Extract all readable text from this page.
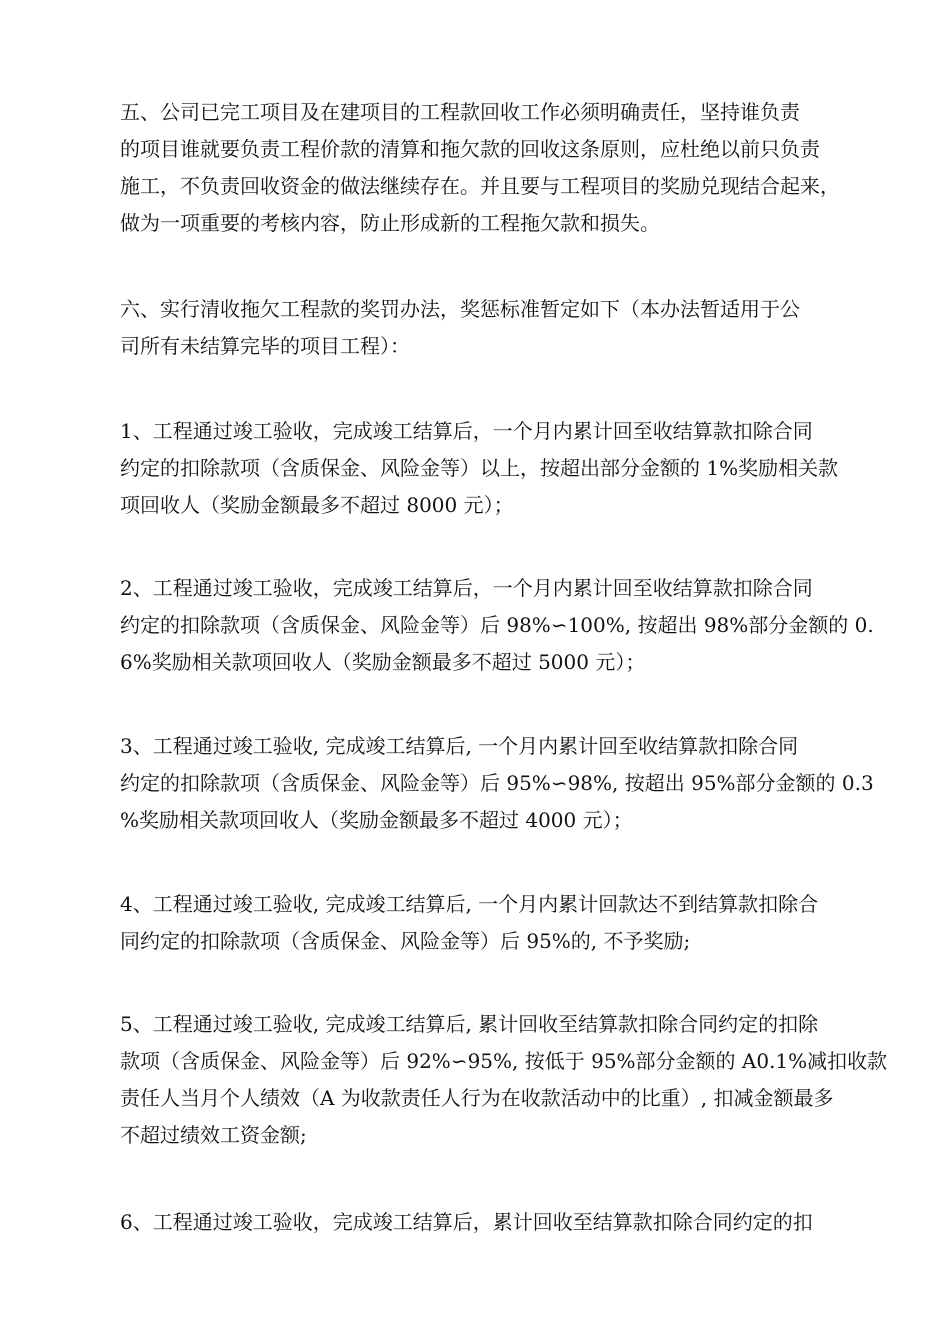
五、公司已完工项目及在建项目的工程款回收工作必须明确责任，坚持谁负责
的项目谁就要负责工程价款的清算和拖欠款的回收这条原则，应杜绝以前只负责
施工，不负责回收资金的做法继续存在。并且要与工程项目的奖励兑现结合起来，
做为一项重要的考核内容，防止形成新的工程拖欠款和损失。
六、实行清收拖欠工程款的奖罚办法，奖惩标准暂定如下（本办法暂适用于公
司所有未结算完毕的项目工程）：
1、工程通过竣工验收，完成竣工结算后，一个月内累计回至收结算款扣除合同
约定的扣除款项（含质保金、风险金等）以上，按超出部分金额的 1%奖励相关款
项回收人（奖励金额最多不超过 8000 元）；
2、工程通过竣工验收，完成竣工结算后，一个月内累计回至收结算款扣除合同
约定的扣除款项（含质保金、风险金等）后 98%∽100%, 按超出 98%部分金额的 0.
6%奖励相关款项回收人（奖励金额最多不超过 5000 元）；
3、工程通过竣工验收, 完成竣工结算后, 一个月内累计回至收结算款扣除合同
约定的扣除款项（含质保金、风险金等）后 95%∽98%, 按超出 95%部分金额的 0.3
%奖励相关款项回收人（奖励金额最多不超过 4000 元）；
4、工程通过竣工验收, 完成竣工结算后, 一个月内累计回款达不到结算款扣除合
同约定的扣除款项（含质保金、风险金等）后 95%的, 不予奖励;
5、工程通过竣工验收, 完成竣工结算后, 累计回收至结算款扣除合同约定的扣除
款项（含质保金、风险金等）后 92%∽95%, 按低于 95%部分金额的 A0.1%减扣收款
责任人当月个人绩效（A 为收款责任人行为在收款活动中的比重）, 扣减金额最多
不超过绩效工资金额;
6、工程通过竣工验收，完成竣工结算后，累计回收至结算款扣除合同约定的扣
